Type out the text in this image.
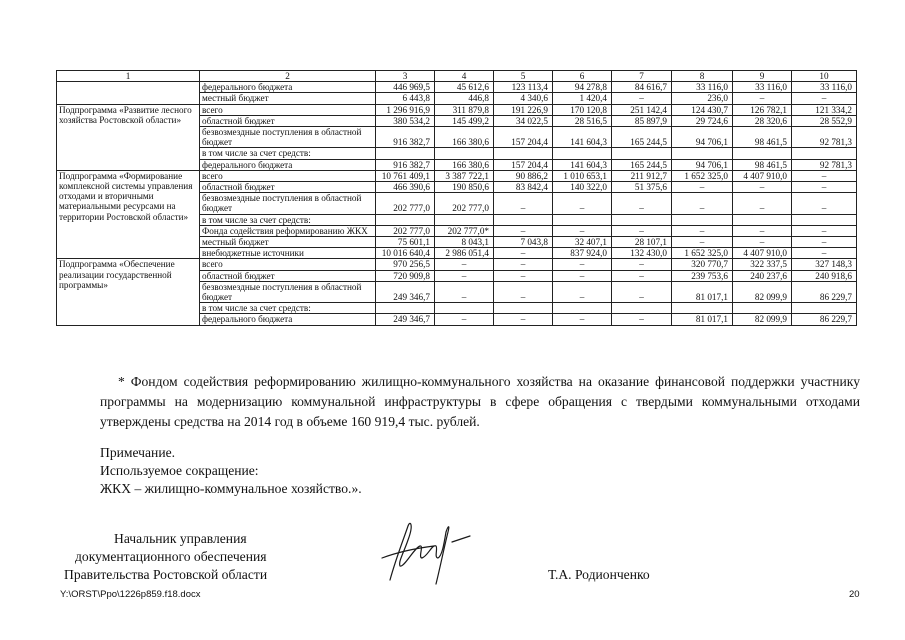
1	2	3	4	5	6	7	8	9	10
	федерального бюджета	446 969,5	45 612,6	123 113,4	94 278,8	84 616,7	33 116,0	33 116,0	33 116,0
	местный бюджет	6 443,8	446,8	4 340,6	1 420,4	–	236,0	–	–
Подпрограмма «Развитие лесного хозяйства Ростовской области»	всего	1 296 916,9	311 879,8	191 226,9	170 120,8	251 142,4	124 430,7	126 782,1	121 334,2
	областной бюджет	380 534,2	145 499,2	34 022,5	28 516,5	85 897,9	29 724,6	28 320,6	28 552,9
	безвозмездные поступления в областной бюджет	916 382,7	166 380,6	157 204,4	141 604,3	165 244,5	94 706,1	98 461,5	92 781,3
	в том числе за счет средств:								
	федерального бюджета	916 382,7	166 380,6	157 204,4	141 604,3	165 244,5	94 706,1	98 461,5	92 781,3
Подпрограмма «Формирование комплексной системы управления отходами и вторичными материальными ресурсами на территории Ростовской области»	всего	10 761 409,1	3 387 722,1	90 886,2	1 010 653,1	211 912,7	1 652 325,0	4 407 910,0	–
	областной бюджет	466 390,6	190 850,6	83 842,4	140 322,0	51 375,6	–	–	–
	безвозмездные поступления в областной бюджет	202 777,0	202 777,0	–	–	–	–	–	–
	в том числе за счет средств:								
	Фонда содействия реформированию ЖКХ	202 777,0	202 777,0*	–	–	–	–	–	–
	местный бюджет	75 601,1	8 043,1	7 043,8	32 407,1	28 107,1	–	–	–
	внебюджетные источники	10 016 640,4	2 986 051,4	–	837 924,0	132 430,0	1 652 325,0	4 407 910,0	–
Подпрограмма «Обеспечение реализации государственной программы»	всего	970 256,5	–	–	–	–	320 770,7	322 337,5	327 148,3
	областной бюджет	720 909,8	–	–	–	–	239 753,6	240 237,6	240 918,6
	безвозмездные поступления в областной бюджет	249 346,7	–	–	–	–	81 017,1	82 099,9	86 229,7
	в том числе за счет средств:								
	федерального бюджета	249 346,7	–	–	–	–	81 017,1	82 099,9	86 229,7
* Фондом содействия реформированию жилищно-коммунального хозяйства на оказание финансовой поддержки участнику программы на модернизацию коммунальной инфраструктуры в сфере обращения с твердыми коммунальными отходами утверждены средства на 2014 год в объеме 160 919,4 тыс. рублей.
Примечание.
Используемое сокращение:
ЖКХ – жилищно-коммунальное хозяйство.».
Начальник управления
документационного обеспечения
Правительства Ростовской области	Т.А. Родионченко
Y:\ORST\Ppo\1226p859.f18.docx	20
